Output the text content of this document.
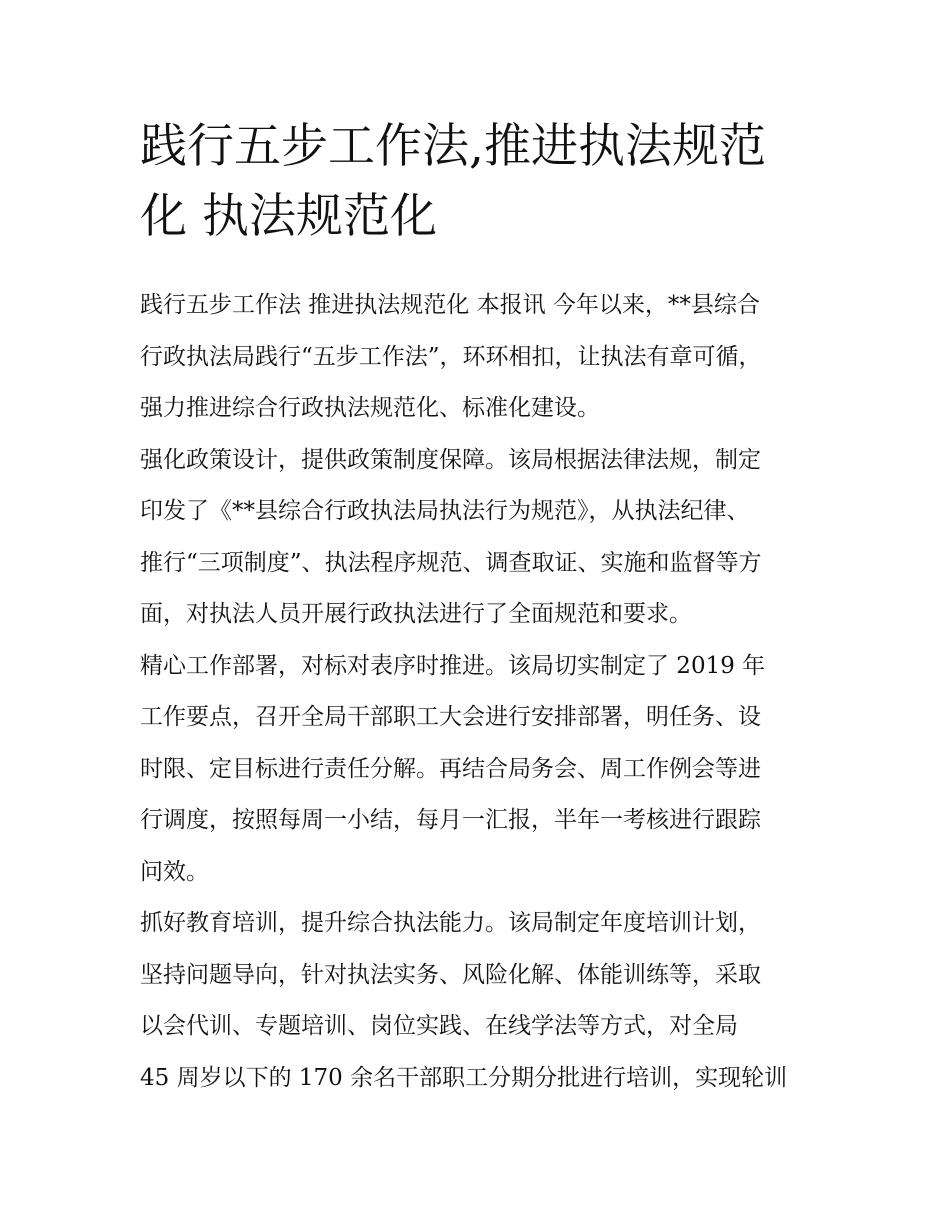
践行五步工作法,推进执法规范
化 执法规范化
践行五步工作法 推进执法规范化 本报讯 今年以来，**县综合
行政执法局践行“五步工作法”，环环相扣，让执法有章可循，
强力推进综合行政执法规范化、标准化建设。
强化政策设计，提供政策制度保障。该局根据法律法规，制定
印发了《**县综合行政执法局执法行为规范》，从执法纪律、
推行“三项制度”、执法程序规范、调查取证、实施和监督等方
面，对执法人员开展行政执法进行了全面规范和要求。
精心工作部署，对标对表序时推进。该局切实制定了 2019 年
工作要点，召开全局干部职工大会进行安排部署，明任务、设
时限、定目标进行责任分解。再结合局务会、周工作例会等进
行调度，按照每周一小结，每月一汇报，半年一考核进行跟踪
问效。
抓好教育培训，提升综合执法能力。该局制定年度培训计划，
坚持问题导向，针对执法实务、风险化解、体能训练等，采取
以会代训、专题培训、岗位实践、在线学法等方式，对全局
45 周岁以下的 170 余名干部职工分期分批进行培训，实现轮训
